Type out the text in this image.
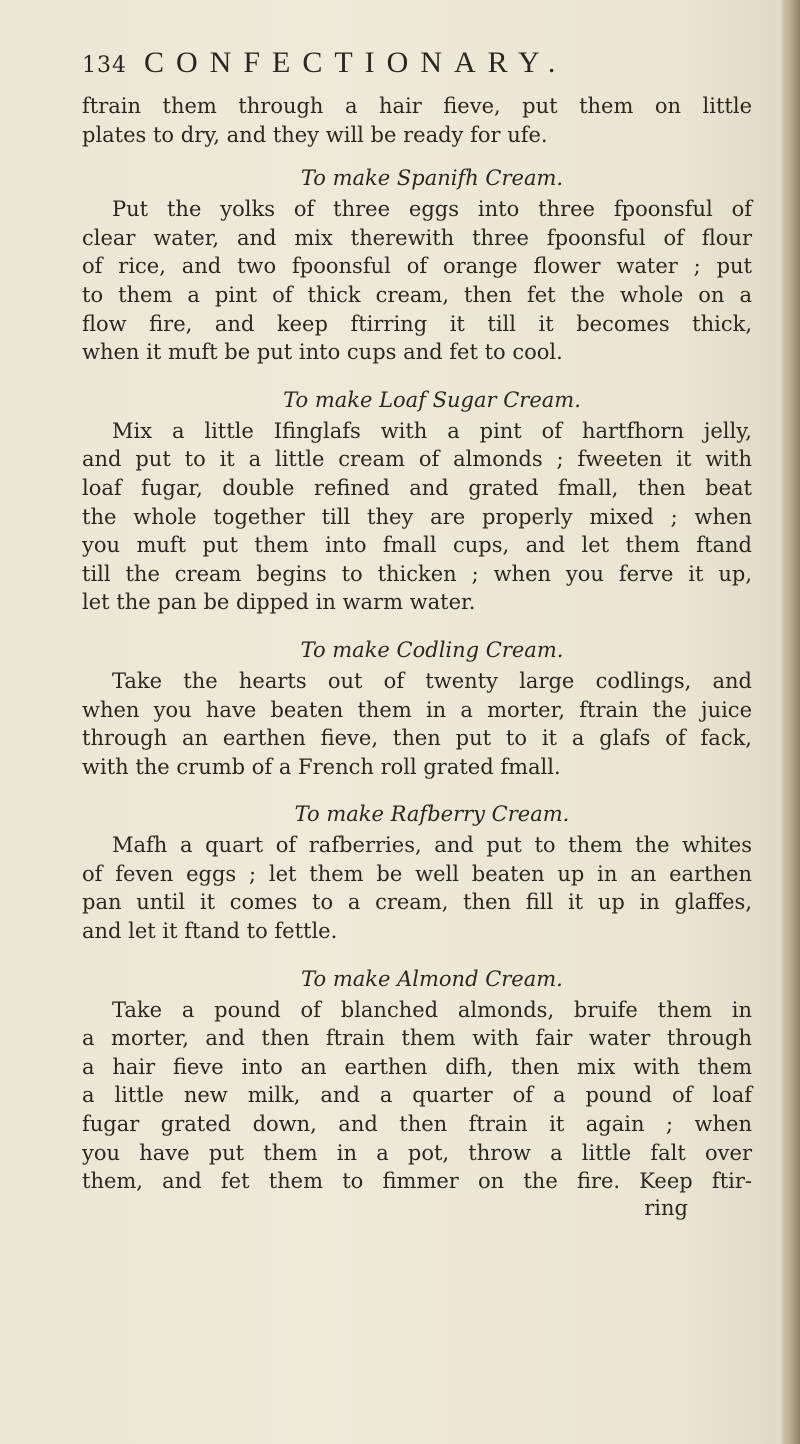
134 CONFECTIONARY.
ftrain them through a hair fieve, put them on little
plates to dry, and they will be ready for ufe.
To make Spanifh Cream.
Put the yolks of three eggs into three fpoonsful of
clear water, and mix therewith three fpoonsful of flour
of rice, and two fpoonsful of orange flower water ; put
to them a pint of thick cream, then fet the whole on a
flow fire, and keep ftirring it till it becomes thick,
when it muft be put into cups and fet to cool.
To make Loaf Sugar Cream.
Mix a little Ifinglafs with a pint of hartfhorn jelly,
and put to it a little cream of almonds ; fweeten it with
loaf fugar, double refined and grated fmall, then beat
the whole together till they are properly mixed ; when
you muft put them into fmall cups, and let them ftand
till the cream begins to thicken ; when you ferve it up,
let the pan be dipped in warm water.
To make Codling Cream.
Take the hearts out of twenty large codlings, and
when you have beaten them in a morter, ftrain the juice
through an earthen fieve, then put to it a glafs of fack,
with the crumb of a French roll grated fmall.
To make Rafberry Cream.
Mafh a quart of rafberries, and put to them the whites
of feven eggs ; let them be well beaten up in an earthen
pan until it comes to a cream, then fill it up in glaffes,
and let it ftand to fettle.
To make Almond Cream.
Take a pound of blanched almonds, bruife them in
a morter, and then ftrain them with fair water through
a hair fieve into an earthen difh, then mix with them
a little new milk, and a quarter of a pound of loaf
fugar grated down, and then ftrain it again ; when
you have put them in a pot, throw a little falt over
them, and fet them to fimmer on the fire. Keep ftir-
ring
